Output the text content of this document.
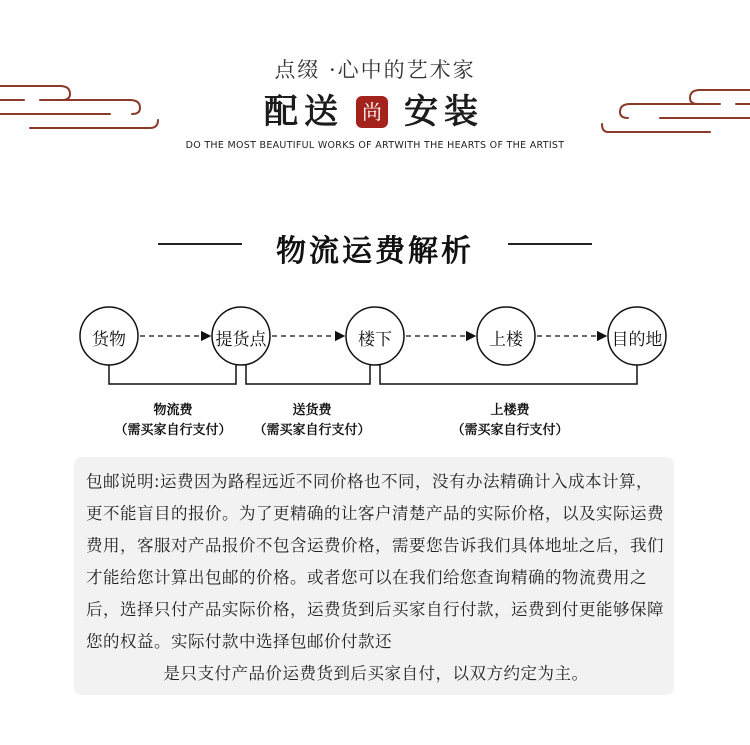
点缀 ·心中的艺术家
配送 尚 安装
DO THE MOST BEAUTIFUL WORKS OF ARTWITH THE HEARTS OF THE ARTIST
物流运费解析
货物	提货点	楼下	上楼	目的地
物流费
（需买家自行支付）
送货费
（需买家自行支付）
上楼费
（需买家自行支付）
包邮说明:运费因为路程远近不同价格也不同，没有办法精确计入成本计算，更不能盲目的报价。为了更精确的让客户清楚产品的实际价格，以及实际运费费用，客服对产品报价不包含运费价格，需要您告诉我们具体地址之后，我们才能给您计算出包邮的价格。或者您可以在我们给您查询精确的物流费用之后，选择只付产品实际价格，运费货到后买家自行付款，运费到付更能够保障您的权益。实际付款中选择包邮价付款还
是只支付产品价运费货到后买家自付，以双方约定为主。
